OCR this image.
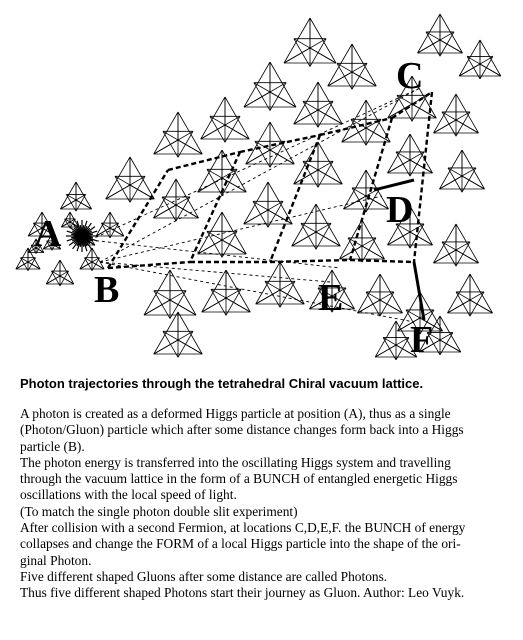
A
B
C
D
E
F
Photon trajectories through the tetrahedral Chiral vacuum lattice.

A photon is created as a deformed Higgs particle at position (A), thus as a single

(Photon/Gluon) particle which after some distance changes form back into a Higgs

particle (B).

The photon energy is transferred into the oscillating Higgs system and travelling

through the vacuum lattice in the form of a BUNCH of entangled energetic Higgs

oscillations with the local speed of light.

(To match the single photon double slit experiment)

After collision with a second Fermion, at locations C,D,E,F. the BUNCH of energy

collapses and change the FORM of a local Higgs particle into the shape of the ori-

ginal Photon.

Five different shaped Gluons after some distance are called Photons.

Thus five different shaped Photons start their journey as Gluon. Author: Leo Vuyk.
